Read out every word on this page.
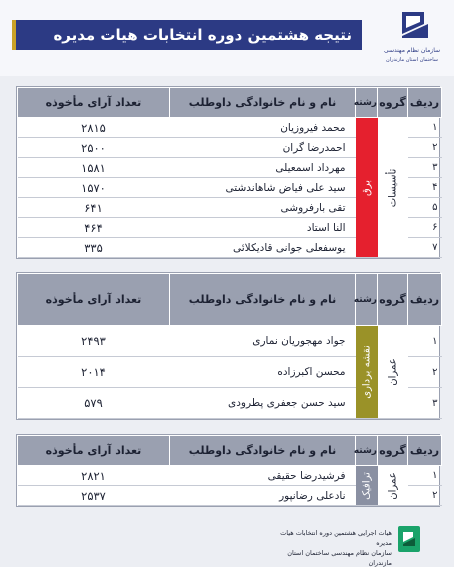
سازمان نظام مهندسی
ساختمان استان مازندران
نتیجه هشتمین دوره انتخابات هیات مدیره
ردیف	گروه	رشته	نام و نام خانوادگی داوطلب	تعداد آرای مأخوذه
۱	تأسیسات	برق	محمد فیروزیان	۲۸۱۵
۲			احمدرضا گران	۲۵۰۰
۳			مهرداد اسمعیلی	۱۵۸۱
۴			سید علی فیاض شاهاندشتی	۱۵۷۰
۵			تقی بارفروشی	۶۴۱
۶			النا استاد	۴۶۴
۷			یوسفعلی جوانی قادیکلائی	۳۳۵
ردیف	گروه	رشته	نام و نام خانوادگی داوطلب	تعداد آرای مأخوذه
۱	عمران	نقشه برداری	جواد مهجوریان نماری	۲۴۹۳
۲			محسن اکبرزاده	۲۰۱۴
۳			سید حسن جعفری پطرودی	۵۷۹
ردیف	گروه	رشته	نام و نام خانوادگی داوطلب	تعداد آرای مأخوذه
۱	عمران	ترافیک	فرشیدرضا حقیقی	۲۸۲۱
۲			نادعلی رضانپور	۲۵۳۷
هیات اجرایی هشتمین دوره انتخابات هیات مدیره
سازمان نظام مهندسی ساختمان استان مازندران
